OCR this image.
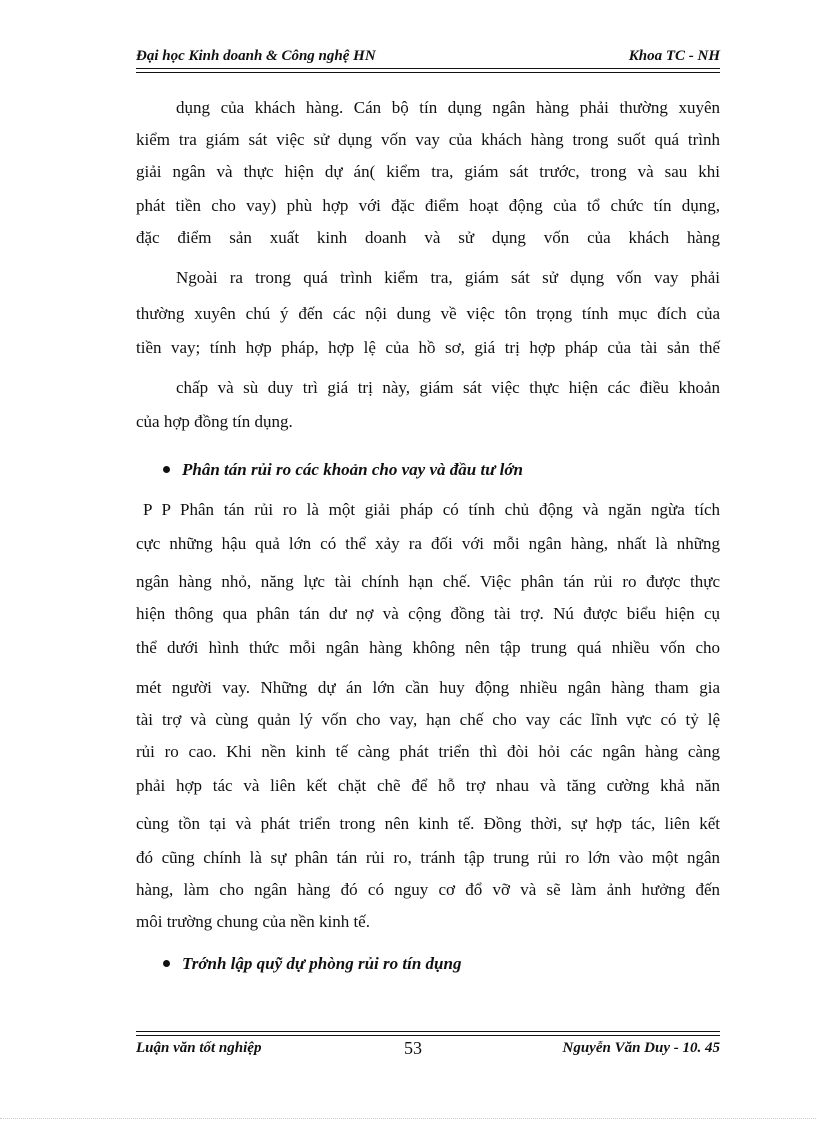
Đại học Kinh doanh & Công nghệ HN	Khoa TC - NH
dụng của khách hàng. Cán bộ tín dụng ngân hàng phải thường xuyên
kiểm tra giám sát việc sử dụng vốn vay của khách hàng trong suốt quá trình
giải ngân và thực hiện dự án( kiểm tra, giám sát trước, trong và sau khi
phát tiền cho vay) phù hợp với đặc điểm hoạt động của tổ chức tín dụng,
đặc điểm sản xuất kinh doanh và sử dụng vốn của khách hàng
Ngoài ra trong quá trình kiểm tra, giám sát sử dụng vốn vay phải
thường xuyên chú ý đến các nội dung về việc tôn trọng tính mục đích của
tiền vay; tính hợp pháp, hợp lệ của hồ sơ, giá trị hợp pháp của tài sản thế
chấp và sù duy trì giá trị này, giám sát việc thực hiện các điều khoản
của hợp đồng tín dụng.
Phân tán rủi ro các khoản cho vay và đầu tư lớn
P P Phân tán rủi ro là một giải pháp có tính chủ động và ngăn ngừa tích
cực những hậu quả lớn có thể xảy ra đối với mỗi ngân hàng, nhất là những
ngân hàng nhỏ, năng lực tài chính hạn chế. Việc phân tán rủi ro được thực
hiện thông qua phân tán dư nợ và cộng đồng tài trợ. Nú được biểu hiện cụ
thể dưới hình thức mỗi ngân hàng không nên tập trung quá nhiều vốn cho
mét người vay. Những dự án lớn cần huy động nhiều ngân hàng tham gia
tài trợ và cùng quản lý vốn cho vay, hạn chế cho vay các lĩnh vực có tỷ lệ
rủi ro cao. Khi nền kinh tế càng phát triển thì đòi hỏi các ngân hàng càng
phải hợp tác và liên kết chặt chẽ để hỗ trợ nhau và tăng cường khả năn
cùng tồn tại và phát triển trong nên kinh tế. Đồng thời, sự hợp tác, liên kết
đó cũng chính là sự phân tán rủi ro, tránh tập trung rủi ro lớn vào một ngân
hàng, làm cho ngân hàng đó có nguy cơ đổ vỡ và sẽ làm ảnh hưởng đến
môi trường chung của nền kinh tế.
Trớnh lập quỹ dự phòng rủi ro tín dụng
Luận văn tốt nghiệp	53	Nguyễn Văn Duy - 10. 45
